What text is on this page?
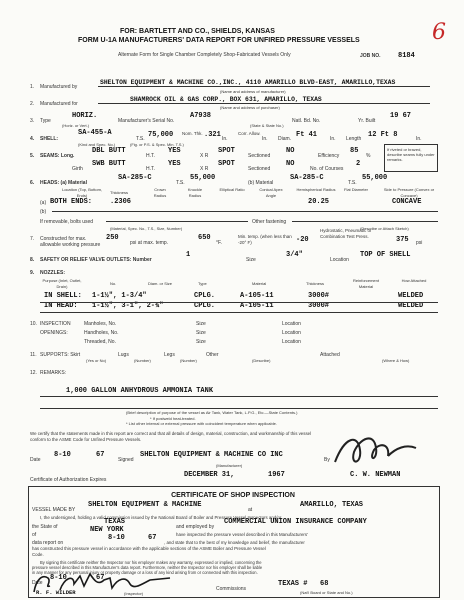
6
FOR: BARTLETT AND CO., SHIELDS, KANSAS
FORM U-1A MANUFACTURERS' DATA REPORT FOR UNFIRED PRESSURE VESSELS
Alternate Form for Single Chamber Completely Shop-Fabricated Vessels Only	JOB NO. 8184
1. Manufactured by
SHELTON EQUIPMENT & MACHINE CO.,INC., 4110 AMARILLO BLVD-EAST, AMARILLO,TEXAS
(Name and address of manufacturer)
2. Manufactured for
SHAMROCK OIL & GAS CORP., BOX 631, AMARILLO, TEXAS
(Name and address of purchaser)
3. Type
HORIZ.
(Horiz. or Vert.)
Manufacturer's Serial No.
A7938
Natl. Bd. No.	Yr. Built
19 67
(State & State No.)
4. SHELL:
SA-455-A
T.S. 75,000 Nom. Thk. .321 In.
Corr. Allow.
In. Diam. Ft 41	In. Length 12 Ft 8	In.
(Kind and Spec. No.)	(Fig. or P.S. & Spec. Min. T.S.)
5. SEAMS: Long.
DBL BUTT
H.T.
YES
X R
SPOT
Sectioned
NO
Efficiency
85
%
Girth
SWB BUTT
H.T.
YES
X R
SPOT
Sectioned
NO
No. of Courses
2
If riveted or brazed, describe seams fully under remarks.
6. HEADS: (a) Material
SA-285-C
T.S.
55,000
(b) Material
SA-285-C
T.S.
55,000
Location (Top, Bottom, Ends)
Thickness
Crown Radius
Knuckle Radius
Elliptical Ratio	Conical Apex Angle
Hemispherical Radius Flat Diameter	Side to Pressure (Convex or Concave)
(a) BOTH ENDS:	.2306	20.25	CONCAVE
(b)
If removable, bolts used	Other fastening
(Material, Spec. No., T.S., Size, Number)	(Describe or Attach Sketch)
7. Constructed for max. allowable working pressure
250
psi at max. temp.
650
°F.
Min. temp. (when less than -20° F)	-20
Hydrostatic, Pneumatic or Combination Test Press.	375 psi
8. SAFETY OR RELIEF VALVE OUTLETS: Number
1
Size
3/4"
Location
TOP OF SHELL
9. NOZZLES:
Purpose (Inlet, Outlet, Drain)
No.	Diam. or Size	Type	Material	Thickness
Reinforcement Material
How Attached
IN SHELL: 1-1½", 1-3/4"	CPLG.	A-105-11	3000#	WELDED
IN HEAD: 1-1½", 3-1", 2-¾"	CPLG.	A-105-11	3000#	WELDED
10. INSPECTION
OPENINGS:
Manholes, No.
Handholes, No.
Threaded, No.
Size
Size
Size
Location
Location
Location
11. SUPPORTS: Skirt
(Yes or No)
Lugs
(Number)
Legs
(Number)
Other
(Describe)
Attached
(Where & How)
12. REMARKS:
1,000 GALLON ANHYDROUS AMMONIA TANK
(Brief description of purpose of the vessel as Air Tank, Water Tank, L.P.G., Etc.—State Contents.)
* If postweld heat-treated.
* List other internal or external pressure with coincident temperature when applicable.
We certify that the statements made in this report are correct and that all details of design, material, construction, and workmanship of this vessel
conform to the ASME Code for Unfired Pressure Vessels.
Date
8-10	67
Signed
SHELTON EQUIPMENT & MACHINE CO INC
By
(Manufacturer)
Certificate of Authorization Expires
DECEMBER 31,	1967	C. W. NEWMAN
CERTIFICATE OF SHOP INSPECTION
VESSEL MADE BY
SHELTON EQUIPMENT & MACHINE
at
AMARILLO, TEXAS
I, the undersigned, holding a valid commission issued by the National Board of Boiler and Pressure Vessel Inspectors and/or
the State of
TEXAS
and employed by
COMMERCIAL UNION INSURANCE COMPANY
of
NEW YORK
have inspected the pressure vessel described in this Manufacturers'
data report on
8-10	67
, and state that to the best of my knowledge and belief, the manufacturer
has constructed this pressure vessel in accordance with the applicable sections of the ASME Boiler and Pressure Vessel
Code.
By signing this certificate neither the Inspector nor his employer makes any warranty, expressed or implied, concerning the
pressure vessel described in this Manufacturer's data report. Furthermore, neither the Inspector nor his employer shall be liable
in any manner for any personal injury or property damage or a loss of any kind arising from or connected with this inspection.
Date
8-10	67
R. F. WILDER	(Inspector)
Commissions
TEXAS # 68
(Nat'l Board or State and No.)
